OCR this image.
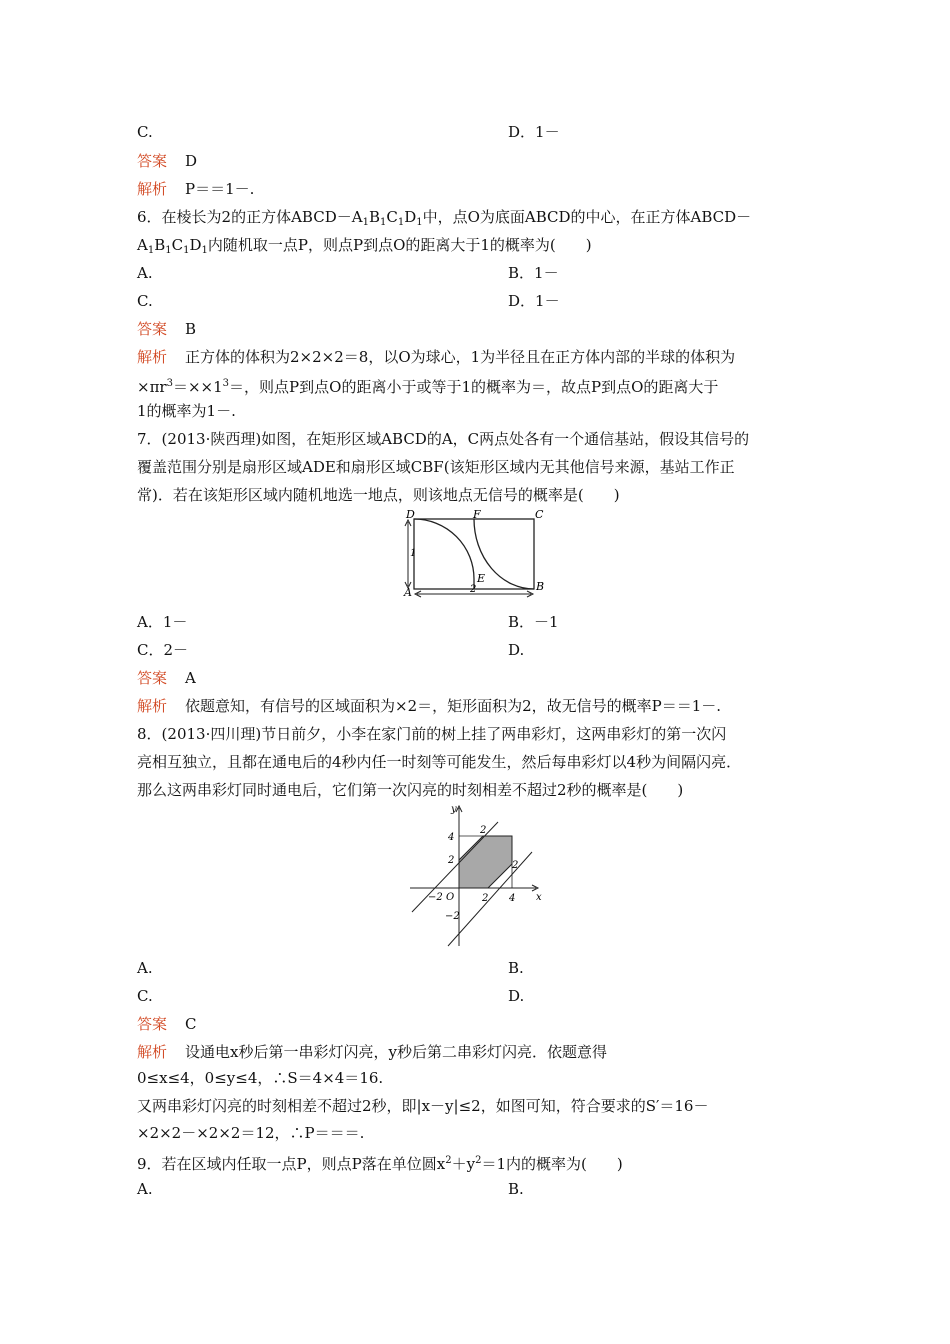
C.	D．1－
答案 D
解析 P＝＝1－.
6．在棱长为2的正方体$ABCD-A_1B_1C_1D_1$中，点O为底面ABCD的中心，在正方体ABCD－
$A_1B_1C_1D_1$内随机取一点P，则点P到点O的距离大于1的概率为(　　)
A.	B．1－
C.	D．1－
答案 B
解析 正方体的体积为2×2×2＝8，以O为球心，1为半径且在正方体内部的半球的体积为
$\times\pi r^3=\times\times 1^3=$，则点P到点O的距离小于或等于1的概率为＝，故点P到点O的距离大于
1的概率为1－.
7．(2013·陕西理)如图，在矩形区域ABCD的A，C两点处各有一个通信基站，假设其信号的
覆盖范围分别是扇形区域ADE和扇形区域CBF(该矩形区域内无其他信号来源，基站工作正
常)．若在该矩形区域内随机地选一地点，则该地点无信号的概率是(　　)
D	F	C
A
E
B
1
2
A．1－	B．－1
C．2－	D.
答案 A
解析 依题意知，有信号的区域面积为×2＝，矩形面积为2，故无信号的概率P＝＝1－.
8．(2013·四川理)节日前夕，小李在家门前的树上挂了两串彩灯，这两串彩灯的第一次闪
亮相互独立，且都在通电后的4秒内任一时刻等可能发生，然后每串彩灯以4秒为间隔闪亮．
那么这两串彩灯同时通电后，它们第一次闪亮的时刻相差不超过2秒的概率是(　　)
y
x
O
4
2
−2
−2
2 4
2
2
A.	B.
C.	D.
答案 C
解析 设通电x秒后第一串彩灯闪亮，y秒后第二串彩灯闪亮．依题意得
0≤x≤4，0≤y≤4，∴S＝4×4＝16.
又两串彩灯闪亮的时刻相差不超过2秒，即|x－y|≤2，如图可知，符合要求的S′＝16－
×2×2－×2×2＝12，∴P＝＝＝.
9．若在区域内任取一点P，则点P落在单位圆$x^2+y^2=1$内的概率为(　　)
A.	B.
